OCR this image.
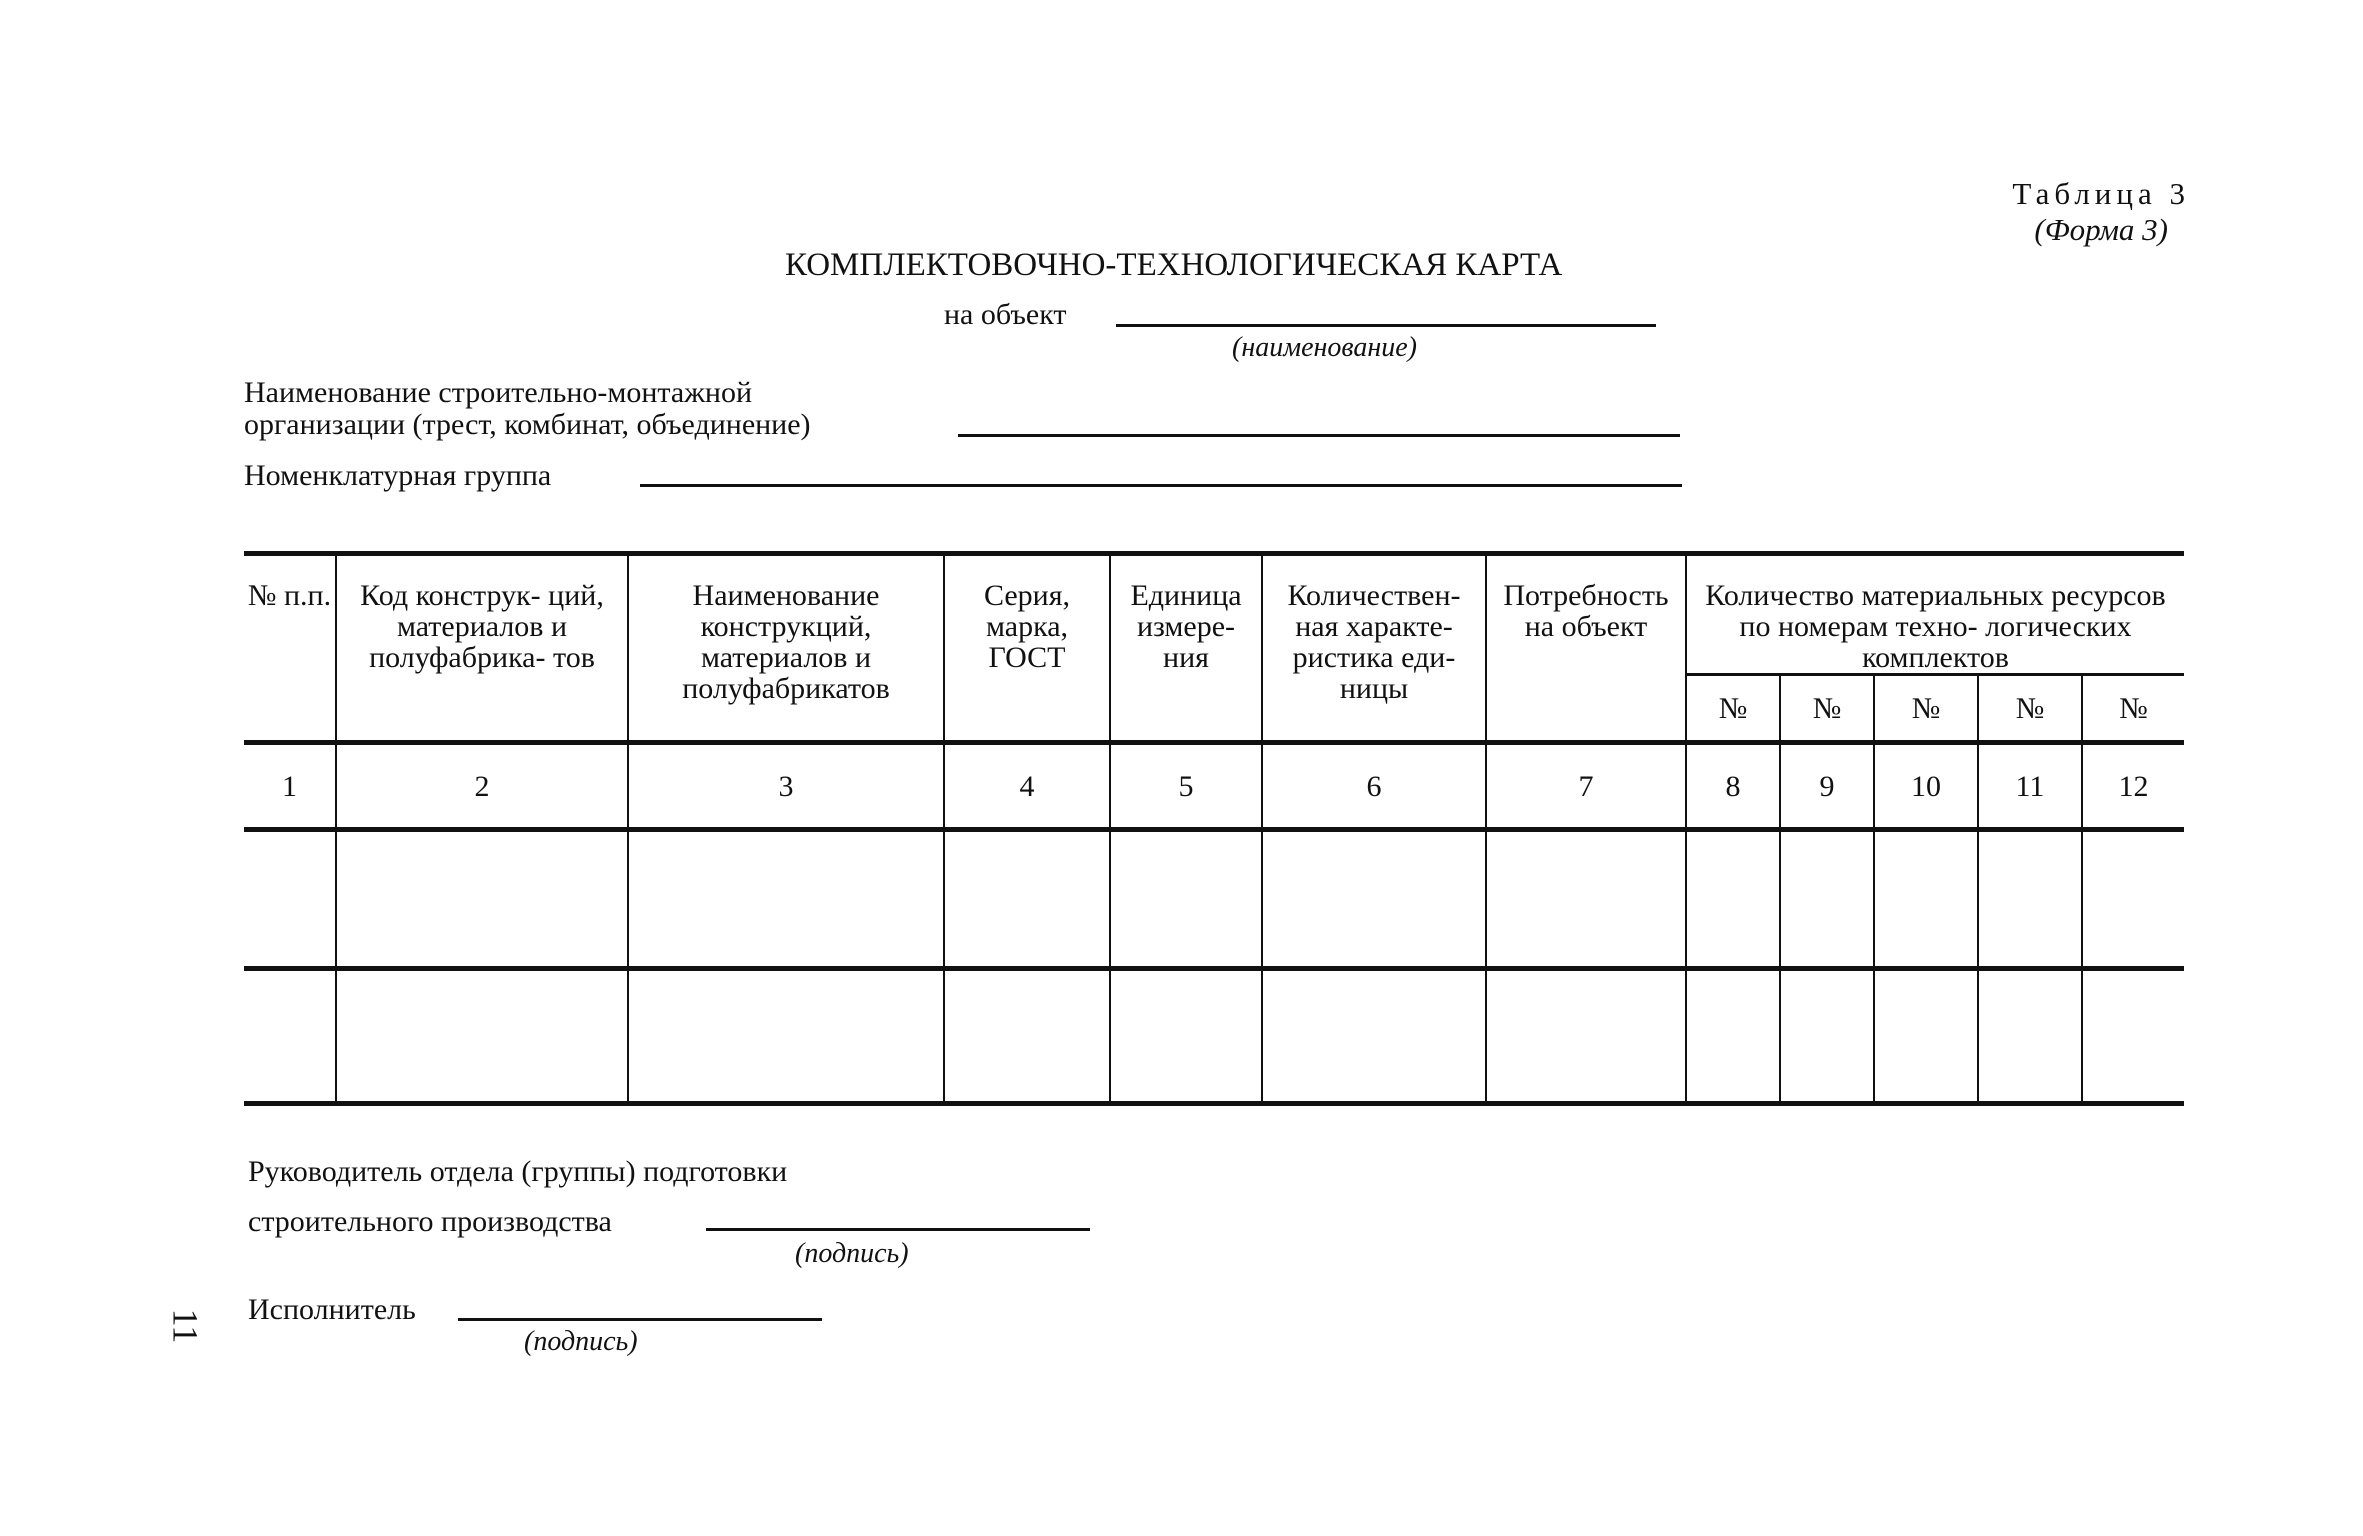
Таблица 3
(Форма 3)
КОМПЛЕКТОВОЧНО-ТЕХНОЛОГИЧЕСКАЯ КАРТА
на объект
(наименование)
Наименование строительно-монтажной
организации (трест, комбинат, объединение)
Номенклатурная группа
№ п.п.	Код конструк- ций, материалов и полуфабрика- тов	Наименование конструкций, материалов и полуфабрикатов	Серия, марка, ГОСТ	Единица измере- ния	Количествен- ная характе- ристика еди- ницы	Потребность на объект	Количество материальных ресурсов по номерам техно- логических комплектов				
							№	№	№	№	№
1	2	3	4	5	6	7	8	9	10	11	12

Руководитель отдела (группы) подготовки
строительного производства
(подпись)
Исполнитель
(подпись)
11
